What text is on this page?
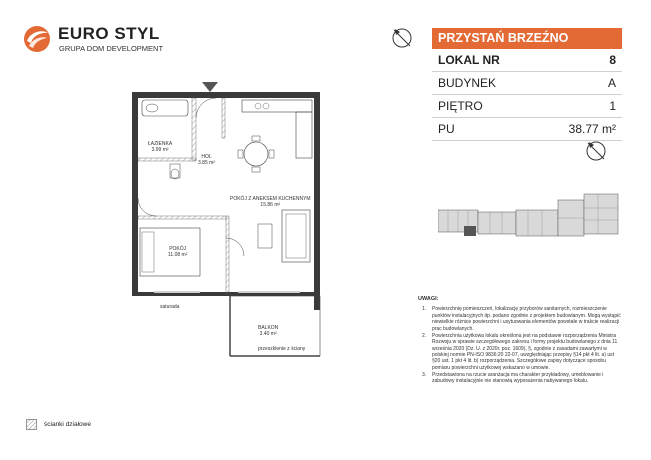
EURO STYL
GRUPA DOM DEVELOPMENT
PRZYSTAŃ BRZEŹNO
LOKAL NR	8
BUDYNEK	A
PIĘTRO	1
PU	38.77 m²
ŁAZIENKA
3.99 m²
HOL
3.85 m²
POKÓJ Z ANEKSEM KUCHENNYM
15.86 m²
POKÓJ
11.08 m²
BALKON
3.40 m²
saturada
przeszklenie z ściany
UWAGI:
1. Powierzchnię pomieszczeń, lokalizację przyborów sanitarnych, rozmieszczenie punktów instalacyjnych itp. podano zgodnie z projektem budowlanym. Mogą wystąpić niewielkie różnice powierzchni i usytuowania elementów powstałe w trakcie realizacji prac budowlanych.
2. Powierzchnia użytkowa lokalu określona jest na podstawie rozporządzenia Ministra Rozwoju w sprawie szczegółowego zakresu i formy projektu budowlanego z dnia 11 września 2020 (Dz. U. z 2020r. poz. 1609), §, zgodnie z zasadami zawartymi w polskiej normie PN-ISO 9836:20 22-07, uwzględniając przepisy §14 pkt 4 lit. a) ust §20 ust. 1 pkt 4 lit. b) rozporządzenia. Szczegółowe zapisy dotyczące sposobu pomiaru powierzchni użytkowej wskazano w umowie.
3. Przedstawiona na rzucie aranżacja ma charakter przykładowy, umeblowanie i zabudowy instalacyjnie nie stanowią wyposażenia nabywanego lokalu.
ścianki działowe
